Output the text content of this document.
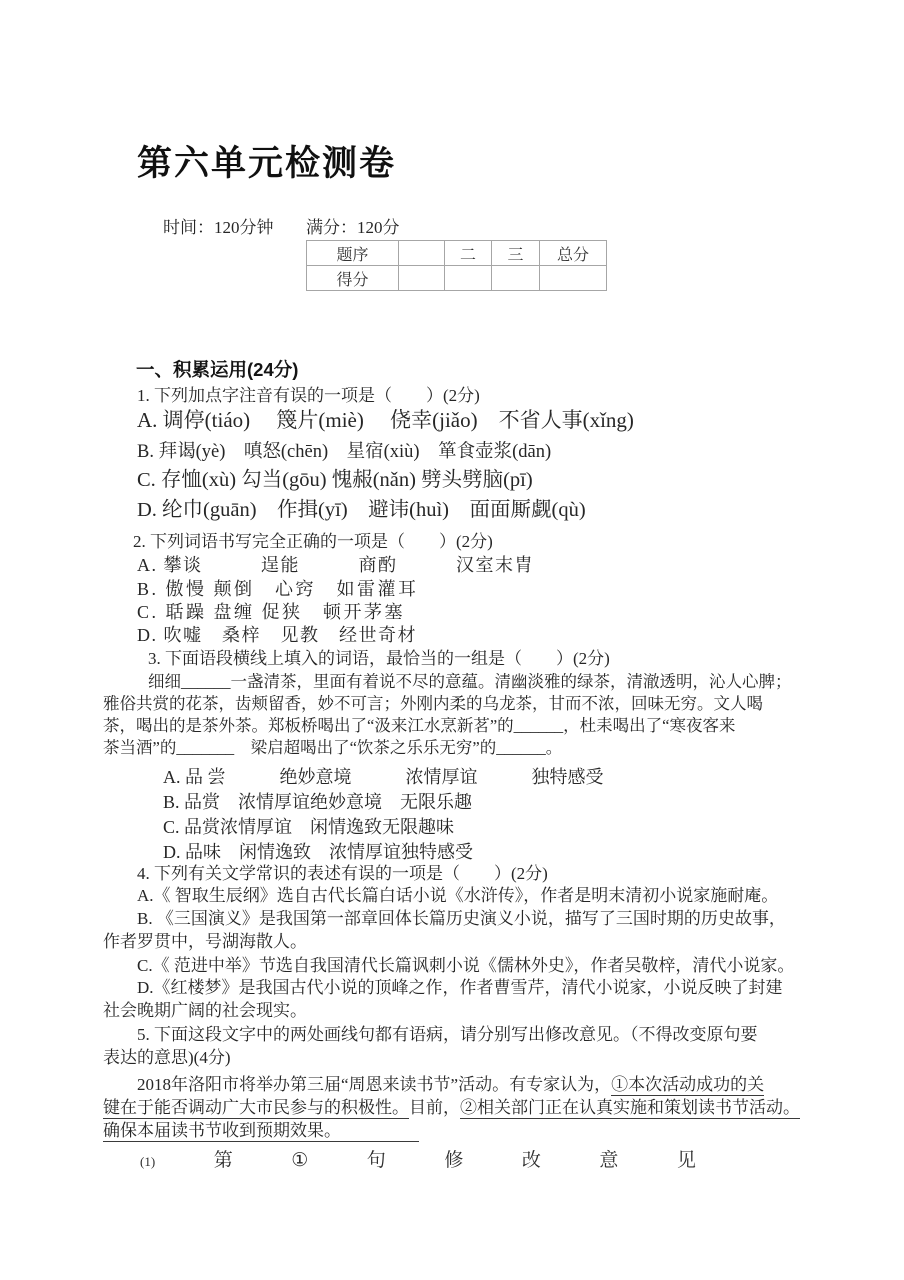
第六单元检测卷
时间：120分钟 满分：120分
题序		二	三	总分
得分				
一、积累运用(24分)
1. 下列加点字注音有误的一项是（　　）(2分)
A. 调停(tiáo)　 篾片(miè)　 侥幸(jiǎo)　不省人事(xǐng)
B. 拜谒(yè)　嗔怒(chēn)　星宿(xiù)　箪食壶浆(dān)
C. 存恤(xù) 勾当(gōu) 愧赧(nǎn) 劈头劈脑(pī)
D. 纶巾(guān)　作揖(yī)　避讳(huì)　面面厮觑(qù)
2. 下列词语书写完全正确的一项是（　　）(2分)
A. 攀谈　　　逞能　　　商酌　　　汉室末胄
B. 傲慢 颠倒　心窍　如雷灌耳
C. 聒躁 盘缠 促狭　顿开茅塞
D. 吹嘘　桑梓　见教　经世奇材
3. 下面语段横线上填入的词语，最恰当的一组是（　　）(2分)
细细______一盏清茶，里面有着说不尽的意蕴。清幽淡雅的绿茶，清澈透明，沁人心脾；
雅俗共赏的花茶，齿颊留香，妙不可言；外刚内柔的乌龙茶，甘而不浓，回味无穷。文人喝
茶，喝出的是茶外茶。郑板桥喝出了“汲来江水烹新茗”的______，杜耒喝出了“寒夜客来
茶当酒”的_______　梁启超喝出了“饮茶之乐乐无穷”的______。
A. 品 尝　　　绝妙意境　　　浓情厚谊　　　独特感受
B. 品赏　浓情厚谊绝妙意境　无限乐趣
C. 品赏浓情厚谊　闲情逸致无限趣味
D. 品味　闲情逸致　浓情厚谊独特感受
4. 下列有关文学常识的表述有误的一项是（　　）(2分)
A.《 智取生辰纲》选自古代长篇白话小说《水浒传》，作者是明末清初小说家施耐庵。
B. 《三国演义》是我国第一部章回体长篇历史演义小说，描写了三国时期的历史故事，
作者罗贯中，号湖海散人。
C.《 范进中举》节选自我国清代长篇讽刺小说《儒林外史》，作者吴敬梓，清代小说家。
D.《红楼梦》是我国古代小说的顶峰之作，作者曹雪芹，清代小说家，小说反映了封建
社会晚期广阔的社会现实。
5. 下面这段文字中的两处画线句都有语病，请分别写出修改意见。（不得改变原句要
表达的意思)(4分)
2018年洛阳市将举办第三届“周恩来读书节”活动。有专家认为，①本次活动成功的关
键在于能否调动广大市民参与的积极性。目前，②相关部门正在认真实施和策划读书节活动。
确保本届读书节收到预期效果。
(1)	第	①	句	修	改	意	见
